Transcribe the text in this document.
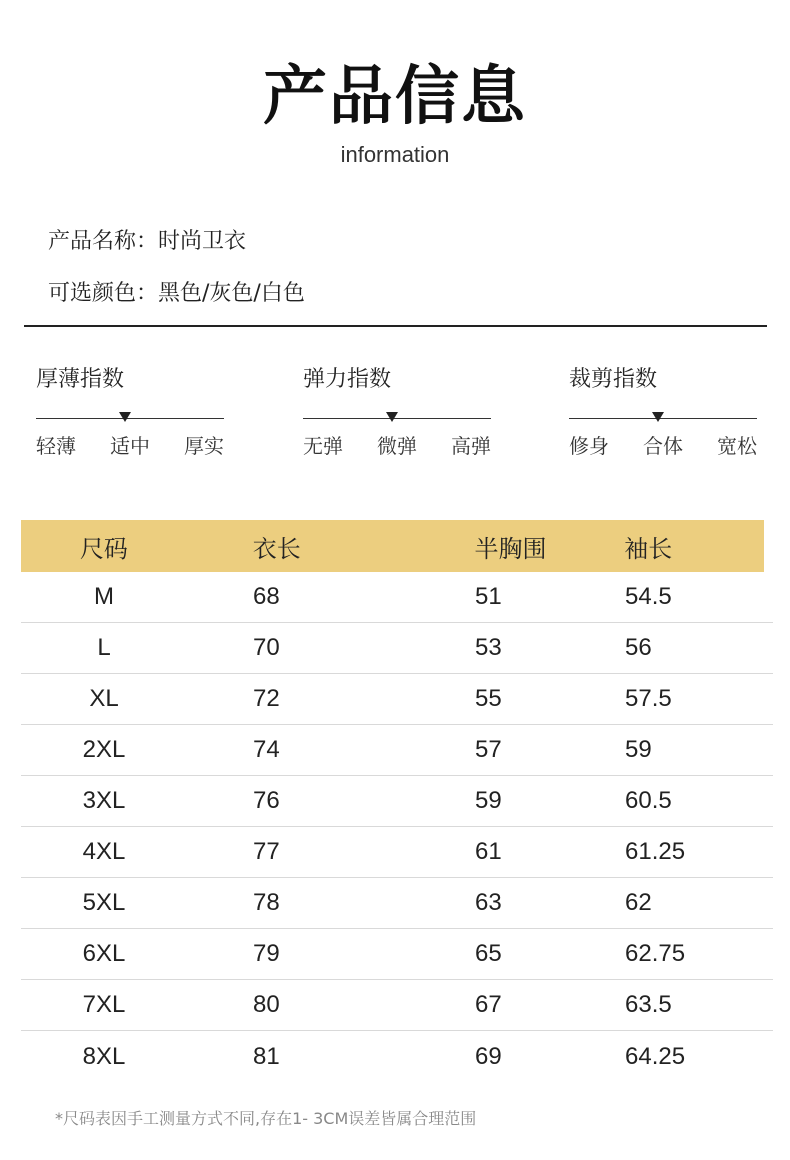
产品信息
information
产品名称：时尚卫衣
可选颜色：黑色/灰色/白色
厚薄指数
轻薄 适中 厚实
弹力指数
无弹 微弹 高弹
裁剪指数
修身 合体 宽松
尺码	衣长	半胸围	袖长
M	68	51	54.5
L	70	53	56
XL	72	55	57.5
2XL	74	57	59
3XL	76	59	60.5
4XL	77	61	61.25
5XL	78	63	62
6XL	79	65	62.75
7XL	80	67	63.5
8XL	81	69	64.25
*尺码表因手工测量方式不同,存在1- 3CM误差皆属合理范围
